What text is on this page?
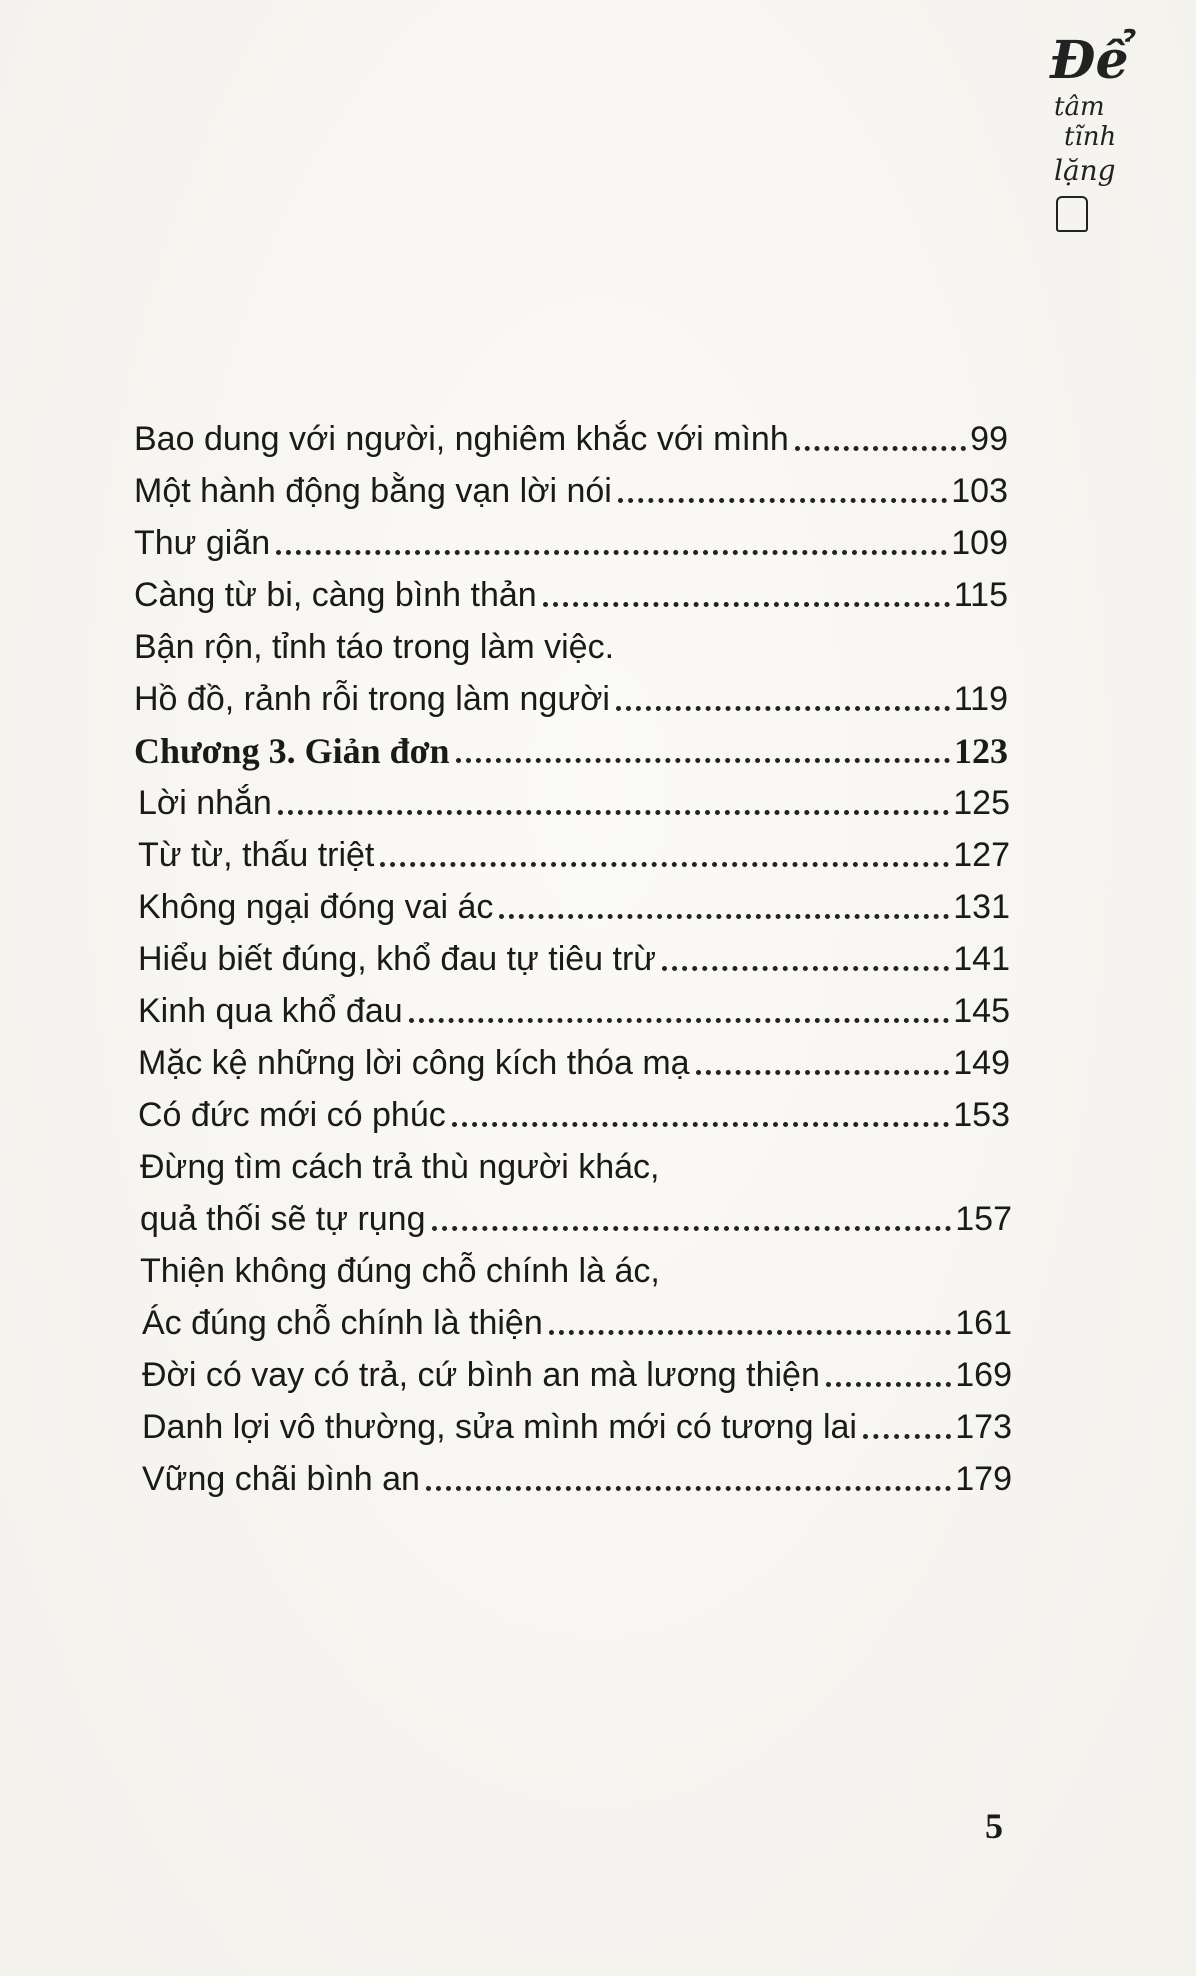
Để
tâm
tĩnh
lặng
Bao dung với người, nghiêm khắc với mình	99
Một hành động bằng vạn lời nói	103
Thư giãn	109
Càng từ bi, càng bình thản	115
Bận rộn, tỉnh táo trong làm việc.
Hồ đồ, rảnh rỗi trong làm người	119
Chương 3. Giản đơn	123
Lời nhắn	125
Từ từ, thấu triệt	127
Không ngại đóng vai ác	131
Hiểu biết đúng, khổ đau tự tiêu trừ	141
Kinh qua khổ đau	145
Mặc kệ những lời công kích thóa mạ	149
Có đức mới có phúc	153
Đừng tìm cách trả thù người khác,
quả thối sẽ tự rụng	157
Thiện không đúng chỗ chính là ác,
Ác đúng chỗ chính là thiện	161
Đời có vay có trả, cứ bình an mà lương thiện	169
Danh lợi vô thường, sửa mình mới có tương lai	173
Vững chãi bình an	179
5
